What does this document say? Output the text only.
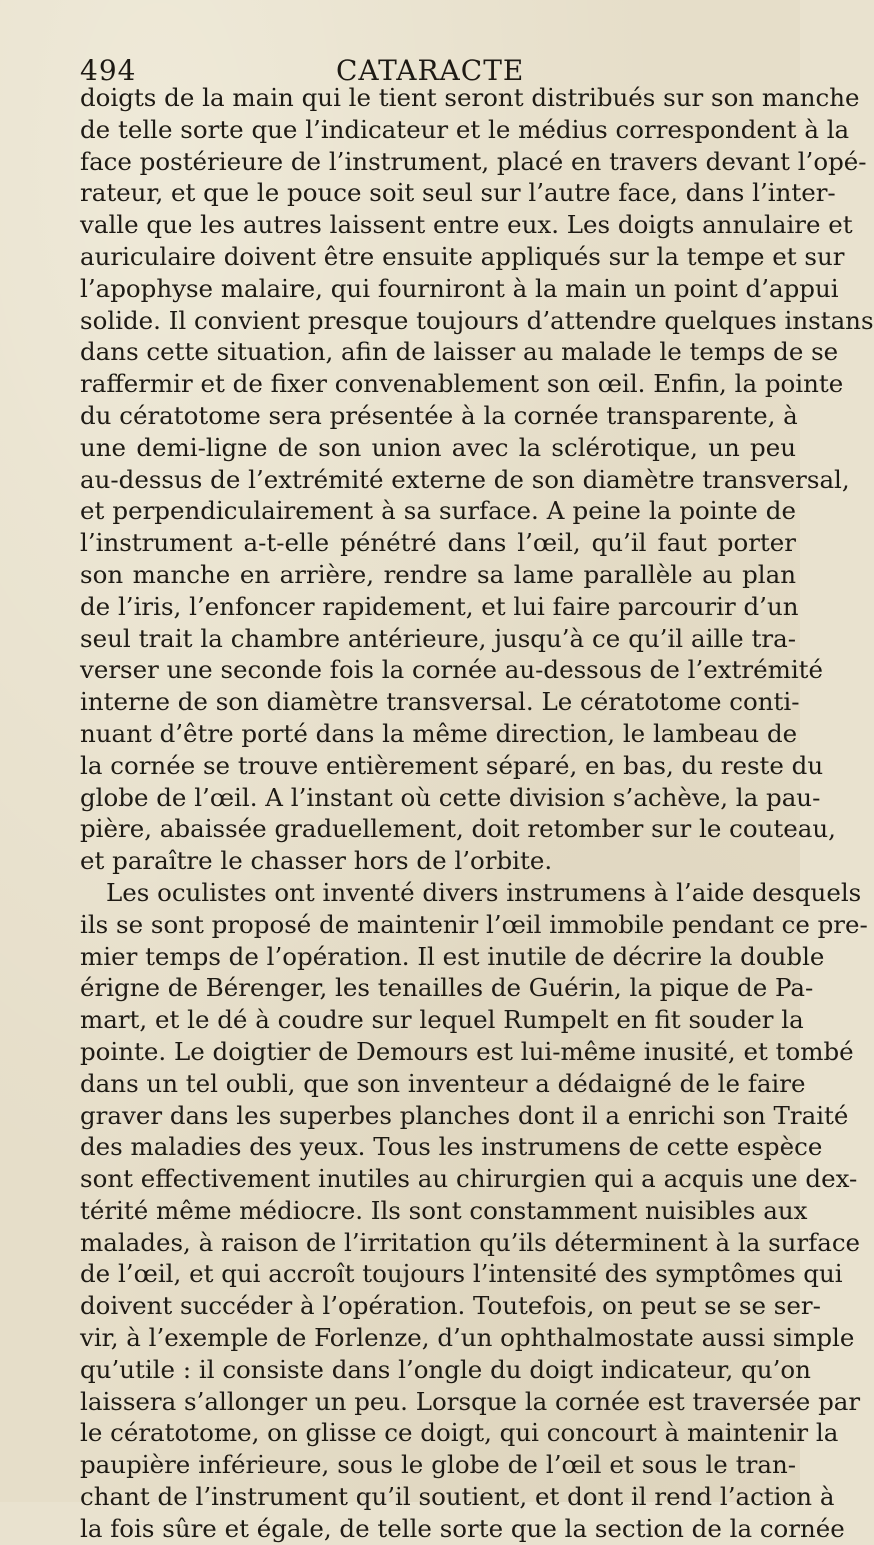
494	CATARACTE
doigts de la main qui le tient seront distribués sur son manche
de telle sorte que l’indicateur et le médius correspondent à la
face postérieure de l’instrument, placé en travers devant l’opé-
rateur, et que le pouce soit seul sur l’autre face, dans l’inter-
valle que les autres laissent entre eux. Les doigts annulaire et
auriculaire doivent être ensuite appliqués sur la tempe et sur
l’apophyse malaire, qui fourniront à la main un point d’appui
solide. Il convient presque toujours d’attendre quelques instans
dans cette situation, afin de laisser au malade le temps de se
raffermir et de fixer convenablement son œil. Enfin, la pointe
du cératotome sera présentée à la cornée transparente, à
une demi-ligne de son union avec la sclérotique, un peu
au-dessus de l’extrémité externe de son diamètre transversal,
et perpendiculairement à sa surface. A peine la pointe de
l’instrument a-t-elle pénétré dans l’œil, qu’il faut porter
son manche en arrière, rendre sa lame parallèle au plan
de l’iris, l’enfoncer rapidement, et lui faire parcourir d’un
seul trait la chambre antérieure, jusqu’à ce qu’il aille tra-
verser une seconde fois la cornée au-dessous de l’extrémité
interne de son diamètre transversal. Le cératotome conti-
nuant d’être porté dans la même direction, le lambeau de
la cornée se trouve entièrement séparé, en bas, du reste du
globe de l’œil. A l’instant où cette division s’achève, la pau-
pière, abaissée graduellement, doit retomber sur le couteau,
et paraître le chasser hors de l’orbite.
Les oculistes ont inventé divers instrumens à l’aide desquels
ils se sont proposé de maintenir l’œil immobile pendant ce pre-
mier temps de l’opération. Il est inutile de décrire la double
érigne de Bérenger, les tenailles de Guérin, la pique de Pa-
mart, et le dé à coudre sur lequel Rumpelt en fit souder la
pointe. Le doigtier de Demours est lui-même inusité, et tombé
dans un tel oubli, que son inventeur a dédaigné de le faire
graver dans les superbes planches dont il a enrichi son Traité
des maladies des yeux. Tous les instrumens de cette espèce
sont effectivement inutiles au chirurgien qui a acquis une dex-
térité même médiocre. Ils sont constamment nuisibles aux
malades, à raison de l’irritation qu’ils déterminent à la surface
de l’œil, et qui accroît toujours l’intensité des symptômes qui
doivent succéder à l’opération. Toutefois, on peut se se ser-
vir, à l’exemple de Forlenze, d’un ophthalmostate aussi simple
qu’utile : il consiste dans l’ongle du doigt indicateur, qu’on
laissera s’allonger un peu. Lorsque la cornée est traversée par
le cératotome, on glisse ce doigt, qui concourt à maintenir la
paupière inférieure, sous le globe de l’œil et sous le tran-
chant de l’instrument qu’il soutient, et dont il rend l’action à
la fois sûre et égale, de telle sorte que la section de la cornée
